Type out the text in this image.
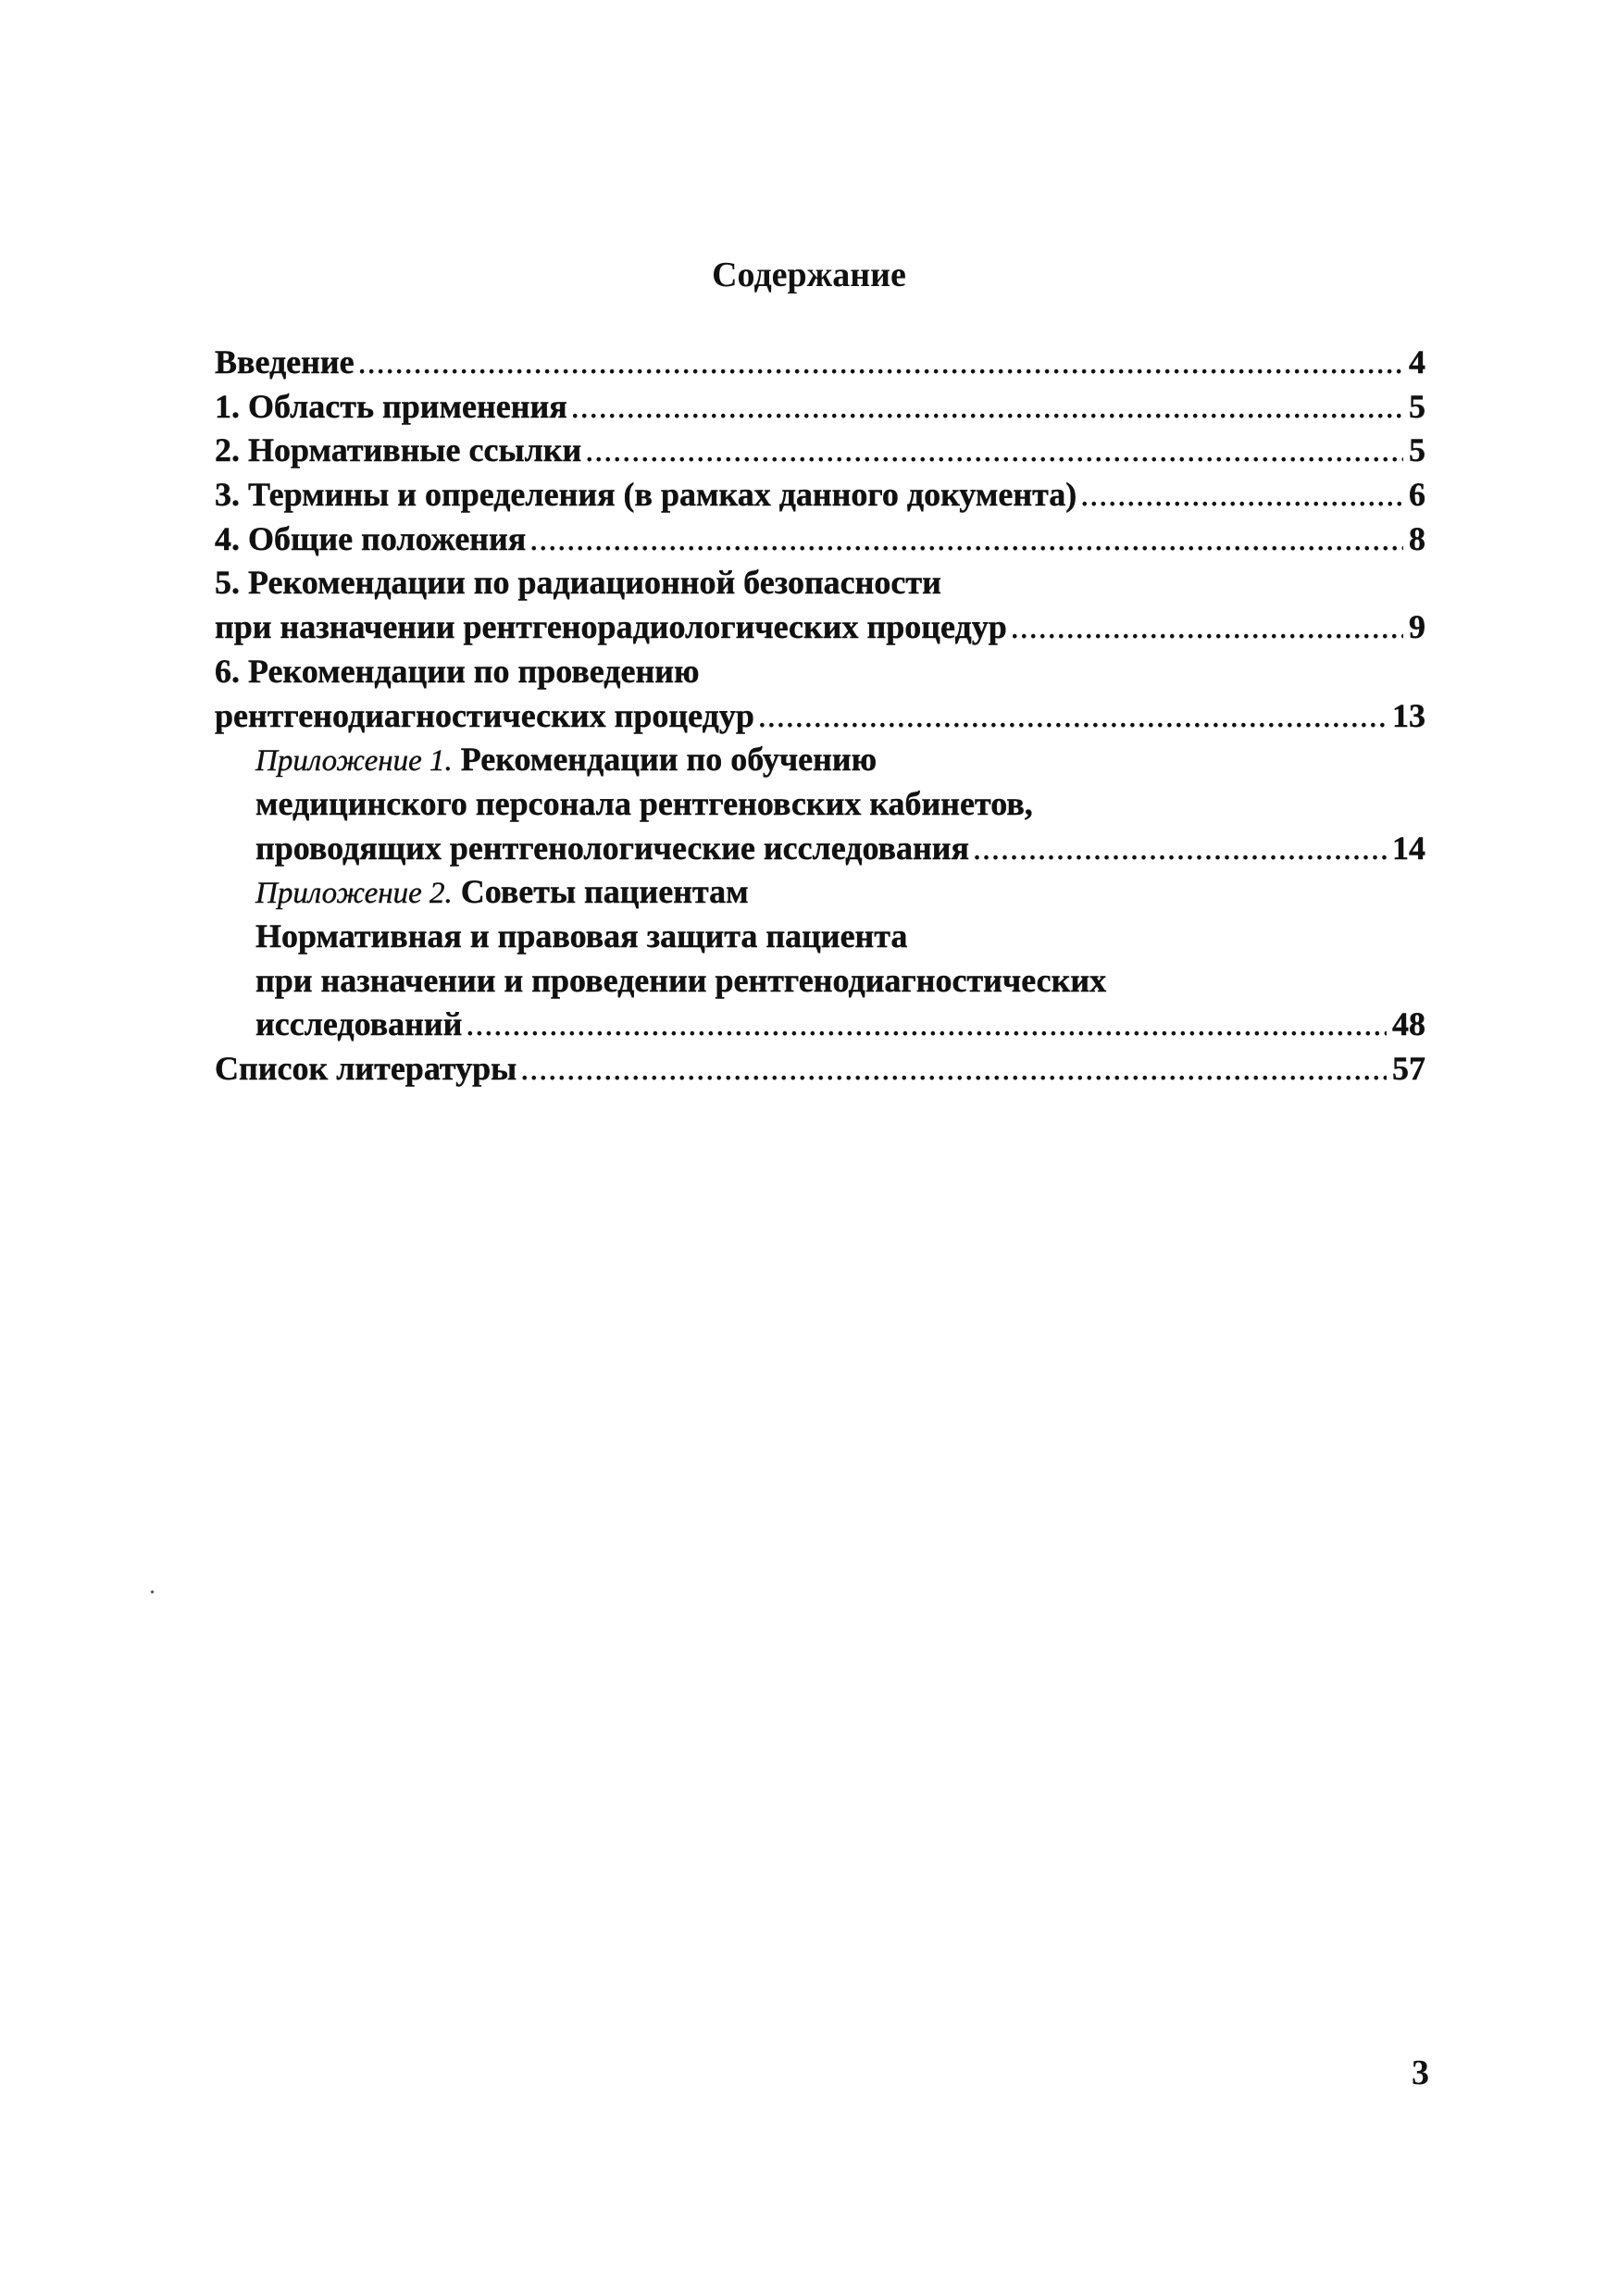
Содержание
Введение .....	4
1. Область применения .....	5
2. Нормативные ссылки .....	5
3. Термины и определения (в рамках данного документа) .....	6
4. Общие положения .....	8
5. Рекомендации по радиационной безопасности
при назначении рентгенорадиологических процедур .....	9
6. Рекомендации по проведению
рентгенодиагностических процедур .....	13
Приложение 1. Рекомендации по обучению
медицинского персонала рентгеновских кабинетов,
проводящих рентгенологические исследования .....	14
Приложение 2. Советы пациентам
Нормативная и правовая защита пациента
при назначении и проведении рентгенодиагностических
исследований .....	48
Список литературы .....	57
3
